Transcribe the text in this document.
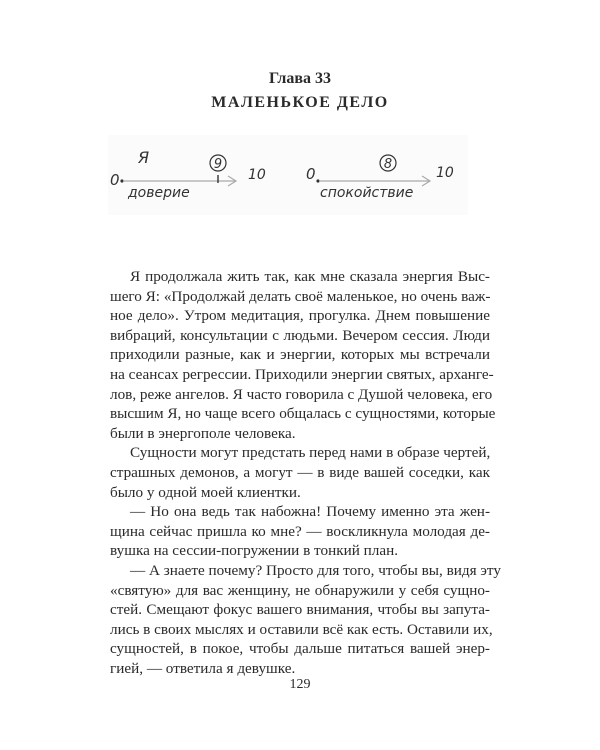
Глава 33
МАЛЕНЬКОЕ ДЕЛО
0
Я	9
10
доверие
0
8
10
спокойствие
Я продолжала жить так, как мне сказала энергия Выс-
шего Я: «Продолжай делать своё маленькое, но очень важ-
ное дело». Утром медитация, прогулка. Днем повышение
вибраций, консультации с людьми. Вечером сессия. Люди
приходили разные, как и энергии, которых мы встречали
на сеансах регрессии. Приходили энергии святых, арханге-
лов, реже ангелов. Я часто говорила с Душой человека, его
высшим Я, но чаще всего общалась с сущностями, которые
были в энергополе человека.
Сущности могут предстать перед нами в образе чертей,
страшных демонов, а могут — в виде вашей соседки, как
было у одной моей клиентки.
— Но она ведь так набожна! Почему именно эта жен-
щина сейчас пришла ко мне? — воскликнула молодая де-
вушка на сессии-погружении в тонкий план.
— А знаете почему? Просто для того, чтобы вы, видя эту
«святую» для вас женщину, не обнаружили у себя сущно-
стей. Смещают фокус вашего внимания, чтобы вы запута-
лись в своих мыслях и оставили всё как есть. Оставили их,
сущностей, в покое, чтобы дальше питаться вашей энер-
гией, — ответила я девушке.
129
